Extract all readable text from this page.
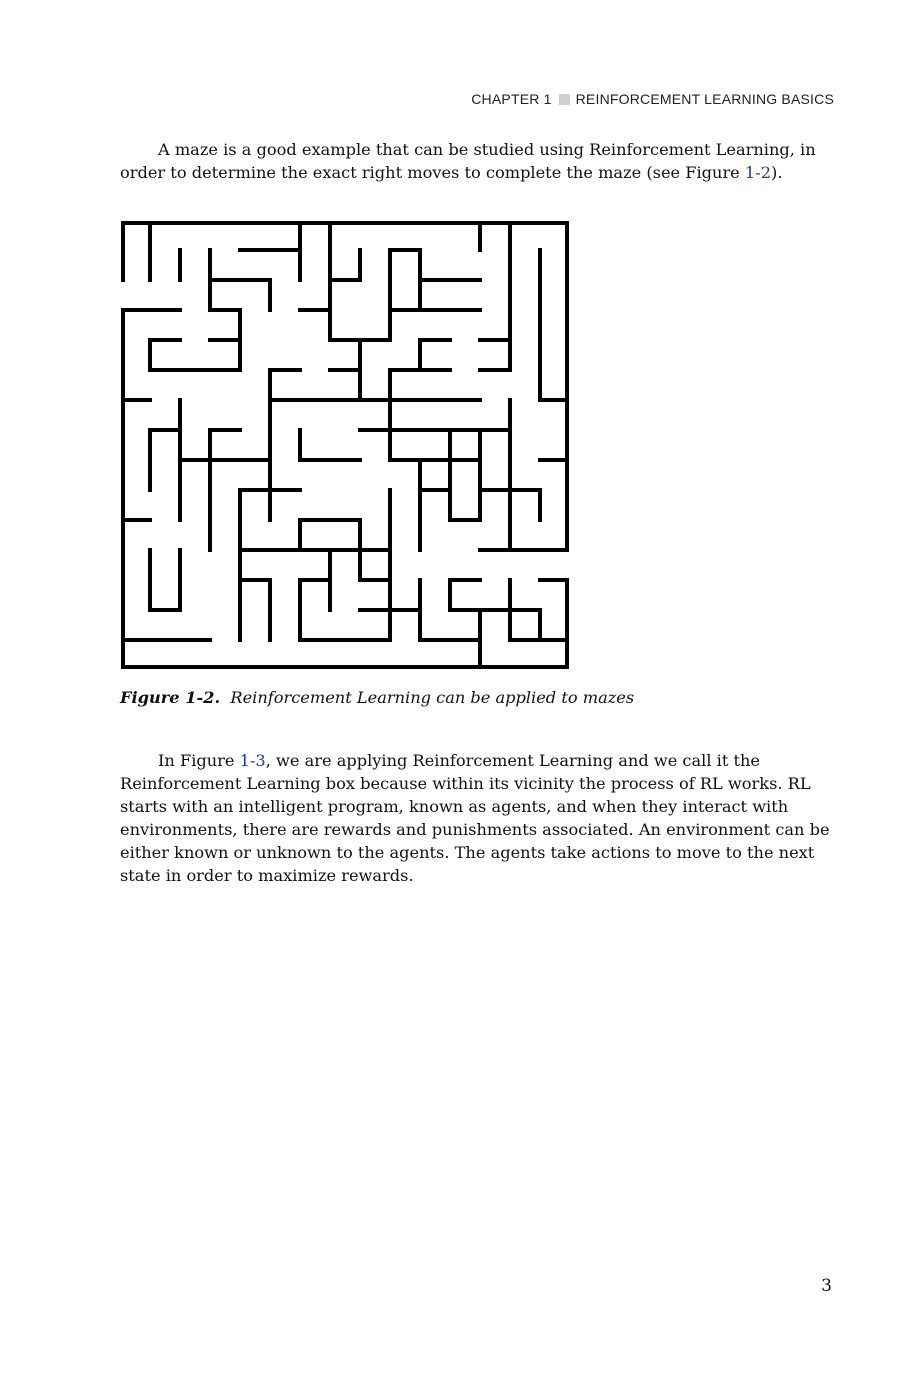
CHAPTER 1 REINFORCEMENT LEARNING BASICS

A maze is a good example that can be studied using Reinforcement Learning, in order to determine the exact right moves to complete the maze (see Figure 1-2).

Figure 1-2. Reinforcement Learning can be applied to mazes

In Figure 1-3, we are applying Reinforcement Learning and we call it the Reinforcement Learning box because within its vicinity the process of RL works. RL starts with an intelligent program, known as agents, and when they interact with environments, there are rewards and punishments associated. An environment can be either known or unknown to the agents. The agents take actions to move to the next state in order to maximize rewards.

3
